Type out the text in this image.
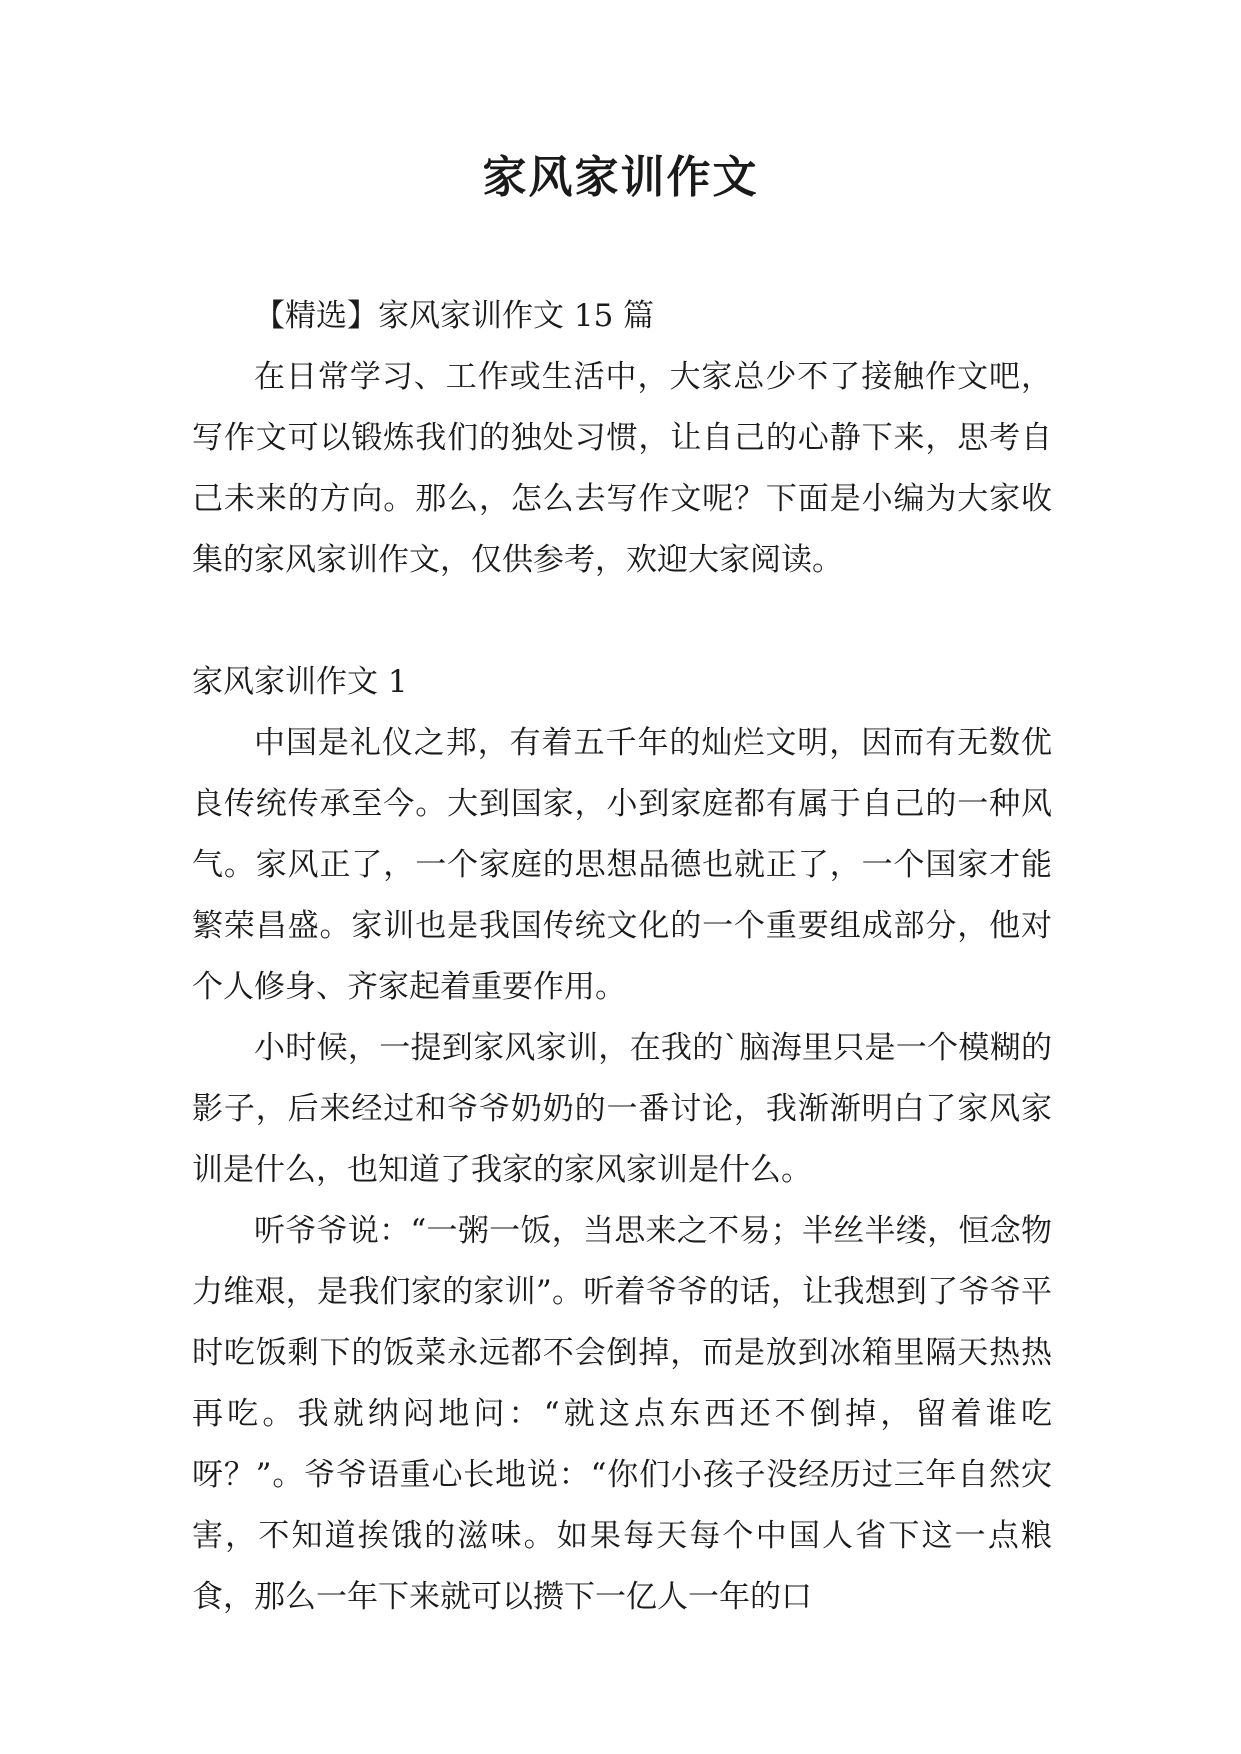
家风家训作文

【精选】家风家训作文 15 篇

在日常学习、工作或生活中，大家总少不了接触作文吧，写作文可以锻炼我们的独处习惯，让自己的心静下来，思考自己未来的方向。那么，怎么去写作文呢？下面是小编为大家收集的家风家训作文，仅供参考，欢迎大家阅读。

家风家训作文 1

中国是礼仪之邦，有着五千年的灿烂文明，因而有无数优良传统传承至今。大到国家，小到家庭都有属于自己的一种风气。家风正了，一个家庭的思想品德也就正了，一个国家才能繁荣昌盛。家训也是我国传统文化的一个重要组成部分，他对个人修身、齐家起着重要作用。

小时候，一提到家风家训，在我的`脑海里只是一个模糊的影子，后来经过和爷爷奶奶的一番讨论，我渐渐明白了家风家训是什么，也知道了我家的家风家训是什么。

听爷爷说：“一粥一饭，当思来之不易；半丝半缕，恒念物力维艰，是我们家的家训”。听着爷爷的话，让我想到了爷爷平时吃饭剩下的饭菜永远都不会倒掉，而是放到冰箱里隔天热热再吃。我就纳闷地问：“就这点东西还不倒掉，留着谁吃呀？”。爷爷语重心长地说：“你们小孩子没经历过三年自然灾害，不知道挨饿的滋味。如果每天每个中国人省下这一点粮食，那么一年下来就可以攒下一亿人一年的口
